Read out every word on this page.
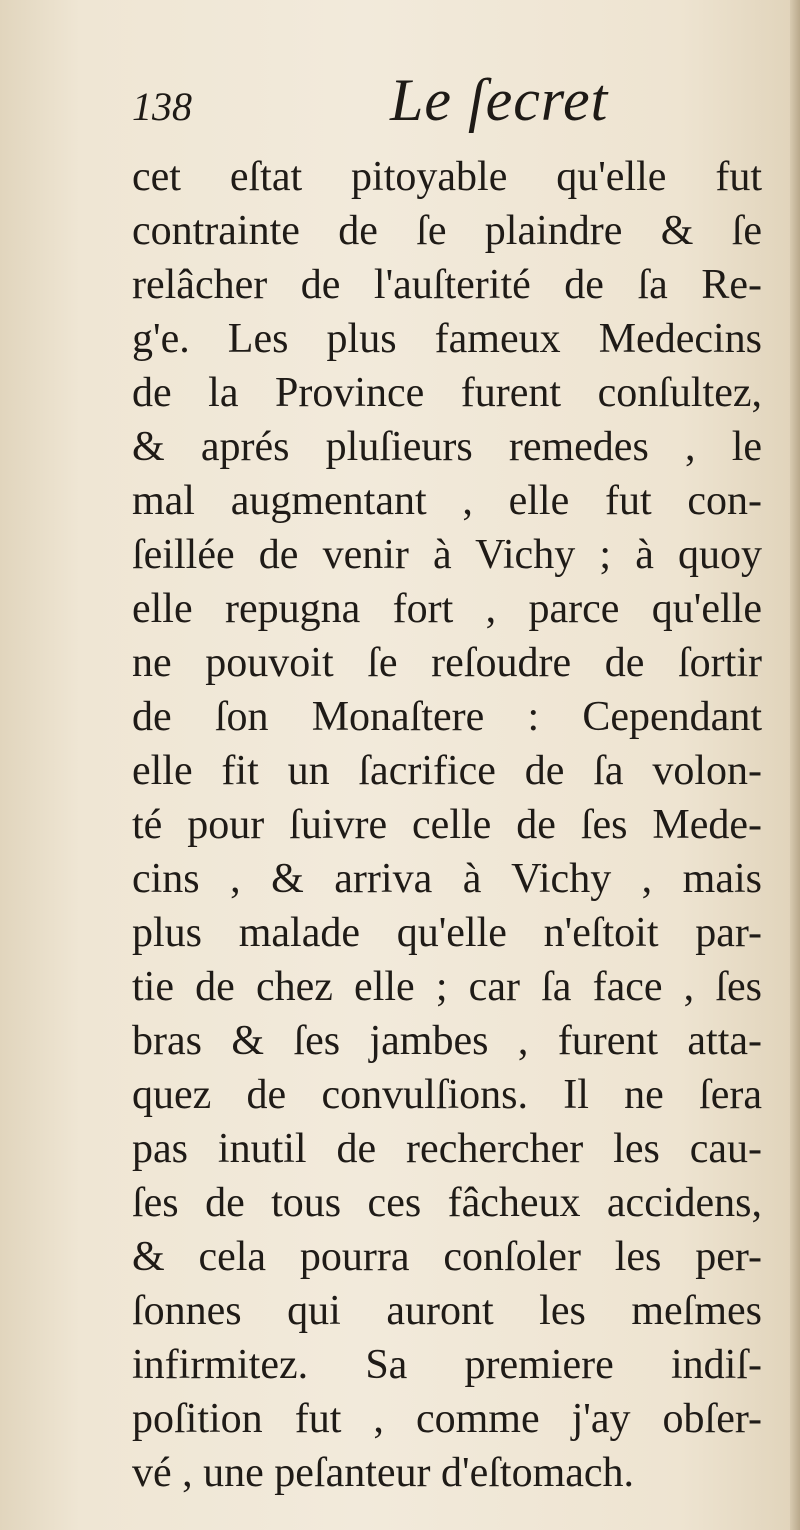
138	Le ſecret
cet eſtat pitoyable qu'elle fut
contrainte de ſe plaindre & ſe
relâcher de l'auſterité de ſa Re-
g'e. Les plus fameux Medecins
de la Province furent conſultez,
& aprés pluſieurs remedes , le
mal augmentant , elle fut con-
ſeillée de venir à Vichy ; à quoy
elle repugna fort , parce qu'elle
ne pouvoit ſe reſoudre de ſortir
de ſon Monaſtere : Cependant
elle fit un ſacrifice de ſa volon-
té pour ſuivre celle de ſes Mede-
cins , & arriva à Vichy , mais
plus malade qu'elle n'eſtoit par-
tie de chez elle ; car ſa face , ſes
bras & ſes jambes , furent atta-
quez de convulſions. Il ne ſera
pas inutil de rechercher les cau-
ſes de tous ces fâcheux accidens,
& cela pourra conſoler les per-
ſonnes qui auront les meſmes
infirmitez. Sa premiere indiſ-
poſition fut , comme j'ay obſer-
vé , une peſanteur d'eſtomach.
